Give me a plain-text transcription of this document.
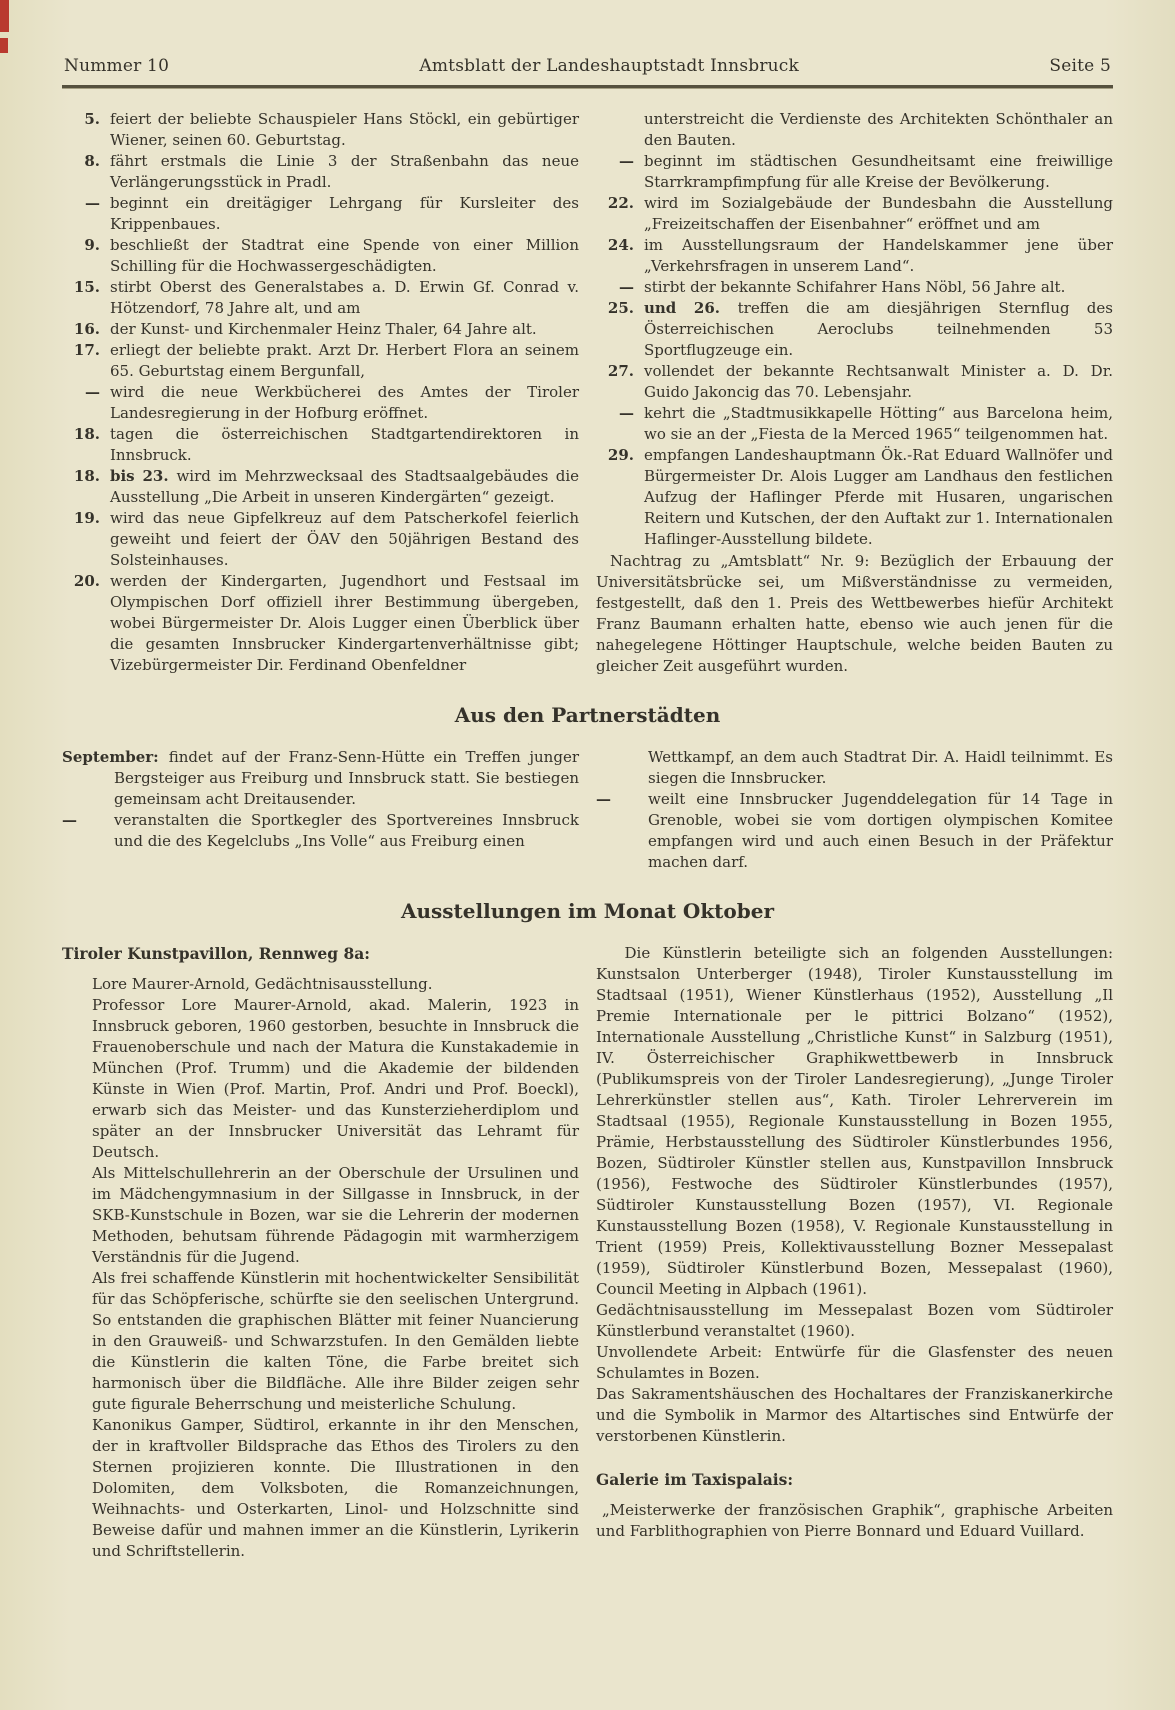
Nummer 10	Amtsblatt der Landeshauptstadt Innsbruck	Seite 5

5. feiert der beliebte Schauspieler Hans Stöckl, ein gebürtiger Wiener, seinen 60. Geburtstag.

8. fährt erstmals die Linie 3 der Straßenbahn das neue Verlängerungsstück in Pradl.

— beginnt ein dreitägiger Lehrgang für Kursleiter des Krippenbaues.

9. beschließt der Stadtrat eine Spende von einer Million Schilling für die Hochwassergeschädigten.

15. stirbt Oberst des Generalstabes a. D. Erwin Gf. Conrad v. Hötzendorf, 78 Jahre alt, und am

16. der Kunst- und Kirchenmaler Heinz Thaler, 64 Jahre alt.

17. erliegt der beliebte prakt. Arzt Dr. Herbert Flora an seinem 65. Geburtstag einem Bergunfall,

— wird die neue Werkbücherei des Amtes der Tiroler Landesregierung in der Hofburg eröffnet.

18. tagen die österreichischen Stadtgartendirektoren in Innsbruck.

18. bis 23. wird im Mehrzwecksaal des Stadtsaalgebäudes die Ausstellung „Die Arbeit in unseren Kindergärten“ gezeigt.

19. wird das neue Gipfelkreuz auf dem Patscherkofel feierlich geweiht und feiert der ÖAV den 50jährigen Bestand des Solsteinhauses.

20. werden der Kindergarten, Jugendhort und Festsaal im Olympischen Dorf offiziell ihrer Bestimmung übergeben, wobei Bürgermeister Dr. Alois Lugger einen Überblick über die gesamten Innsbrucker Kindergartenverhältnisse gibt; Vizebürgermeister Dir. Ferdinand Obenfeldner

unterstreicht die Verdienste des Architekten Schönthaler an den Bauten.

— beginnt im städtischen Gesundheitsamt eine freiwillige Starrkrampfimpfung für alle Kreise der Bevölkerung.

22. wird im Sozialgebäude der Bundesbahn die Ausstellung „Freizeitschaffen der Eisenbahner“ eröffnet und am

24. im Ausstellungsraum der Handelskammer jene über „Verkehrsfragen in unserem Land“.

— stirbt der bekannte Schifahrer Hans Nöbl, 56 Jahre alt.

25. und 26. treffen die am diesjährigen Sternflug des Österreichischen Aeroclubs teilnehmenden 53 Sportflugzeuge ein.

27. vollendet der bekannte Rechtsanwalt Minister a. D. Dr. Guido Jakoncig das 70. Lebensjahr.

— kehrt die „Stadtmusikkapelle Hötting“ aus Barcelona heim, wo sie an der „Fiesta de la Merced 1965“ teilgenommen hat.

29. empfangen Landeshauptmann Ök.-Rat Eduard Wallnöfer und Bürgermeister Dr. Alois Lugger am Landhaus den festlichen Aufzug der Haflinger Pferde mit Husaren, ungarischen Reitern und Kutschen, der den Auftakt zur 1. Internationalen Haflinger-Ausstellung bildete.

Nachtrag zu „Amtsblatt“ Nr. 9: Bezüglich der Erbauung der Universitätsbrücke sei, um Mißverständnisse zu vermeiden, festgestellt, daß den 1. Preis des Wettbewerbes hiefür Architekt Franz Baumann erhalten hatte, ebenso wie auch jenen für die nahegelegene Höttinger Hauptschule, welche beiden Bauten zu gleicher Zeit ausgeführt wurden.

Aus den Partnerstädten

September: findet auf der Franz-Senn-Hütte ein Treffen junger Bergsteiger aus Freiburg und Innsbruck statt. Sie bestiegen gemeinsam acht Dreitausender.

— veranstalten die Sportkegler des Sportvereines Innsbruck und die des Kegelclubs „Ins Volle“ aus Freiburg einen

Wettkampf, an dem auch Stadtrat Dir. A. Haidl teilnimmt. Es siegen die Innsbrucker.

— weilt eine Innsbrucker Jugenddelegation für 14 Tage in Grenoble, wobei sie vom dortigen olympischen Komitee empfangen wird und auch einen Besuch in der Präfektur machen darf.

Ausstellungen im Monat Oktober

Tiroler Kunstpavillon, Rennweg 8a:

Lore Maurer-Arnold, Gedächtnisausstellung.

Professor Lore Maurer-Arnold, akad. Malerin, 1923 in Innsbruck geboren, 1960 gestorben, besuchte in Innsbruck die Frauenoberschule und nach der Matura die Kunstakademie in München (Prof. Trumm) und die Akademie der bildenden Künste in Wien (Prof. Martin, Prof. Andri und Prof. Boeckl), erwarb sich das Meister- und das Kunsterzieherdiplom und später an der Innsbrucker Universität das Lehramt für Deutsch.

Als Mittelschullehrerin an der Oberschule der Ursulinen und im Mädchengymnasium in der Sillgasse in Innsbruck, in der SKB-Kunstschule in Bozen, war sie die Lehrerin der modernen Methoden, behutsam führende Pädagogin mit warmherzigem Verständnis für die Jugend.

Als frei schaffende Künstlerin mit hochentwickelter Sensibilität für das Schöpferische, schürfte sie den seelischen Untergrund. So entstanden die graphischen Blätter mit feiner Nuancierung in den Grauweiß- und Schwarzstufen. In den Gemälden liebte die Künstlerin die kalten Töne, die Farbe breitet sich harmonisch über die Bildfläche. Alle ihre Bilder zeigen sehr gute figurale Beherrschung und meisterliche Schulung.

Kanonikus Gamper, Südtirol, erkannte in ihr den Menschen, der in kraftvoller Bildsprache das Ethos des Tirolers zu den Sternen projizieren konnte. Die Illustrationen in den Dolomiten, dem Volksboten, die Romanzeichnungen, Weihnachts- und Osterkarten, Linol- und Holzschnitte sind Beweise dafür und mahnen immer an die Künstlerin, Lyrikerin und Schriftstellerin.

Die Künstlerin beteiligte sich an folgenden Ausstellungen: Kunstsalon Unterberger (1948), Tiroler Kunstausstellung im Stadtsaal (1951), Wiener Künstlerhaus (1952), Ausstellung „Il Premie Internationale per le pittrici Bolzano“ (1952), Internationale Ausstellung „Christliche Kunst“ in Salzburg (1951), IV. Österreichischer Graphikwettbewerb in Innsbruck (Publikumspreis von der Tiroler Landesregierung), „Junge Tiroler Lehrerkünstler stellen aus“, Kath. Tiroler Lehrerverein im Stadtsaal (1955), Regionale Kunstausstellung in Bozen 1955, Prämie, Herbstausstellung des Südtiroler Künstlerbundes 1956, Bozen, Südtiroler Künstler stellen aus, Kunstpavillon Innsbruck (1956), Festwoche des Südtiroler Künstlerbundes (1957), Südtiroler Kunstausstellung Bozen (1957), VI. Regionale Kunstausstellung Bozen (1958), V. Regionale Kunstausstellung in Trient (1959) Preis, Kollektivausstellung Bozner Messepalast (1959), Südtiroler Künstlerbund Bozen, Messepalast (1960), Council Meeting in Alpbach (1961).

Gedächtnisausstellung im Messepalast Bozen vom Südtiroler Künstlerbund veranstaltet (1960).

Unvollendete Arbeit: Entwürfe für die Glasfenster des neuen Schulamtes in Bozen.

Das Sakramentshäuschen des Hochaltares der Franziskanerkirche und die Symbolik in Marmor des Altartisches sind Entwürfe der verstorbenen Künstlerin.

Galerie im Taxispalais:

„Meisterwerke der französischen Graphik“, graphische Arbeiten und Farblithographien von Pierre Bonnard und Eduard Vuillard.
